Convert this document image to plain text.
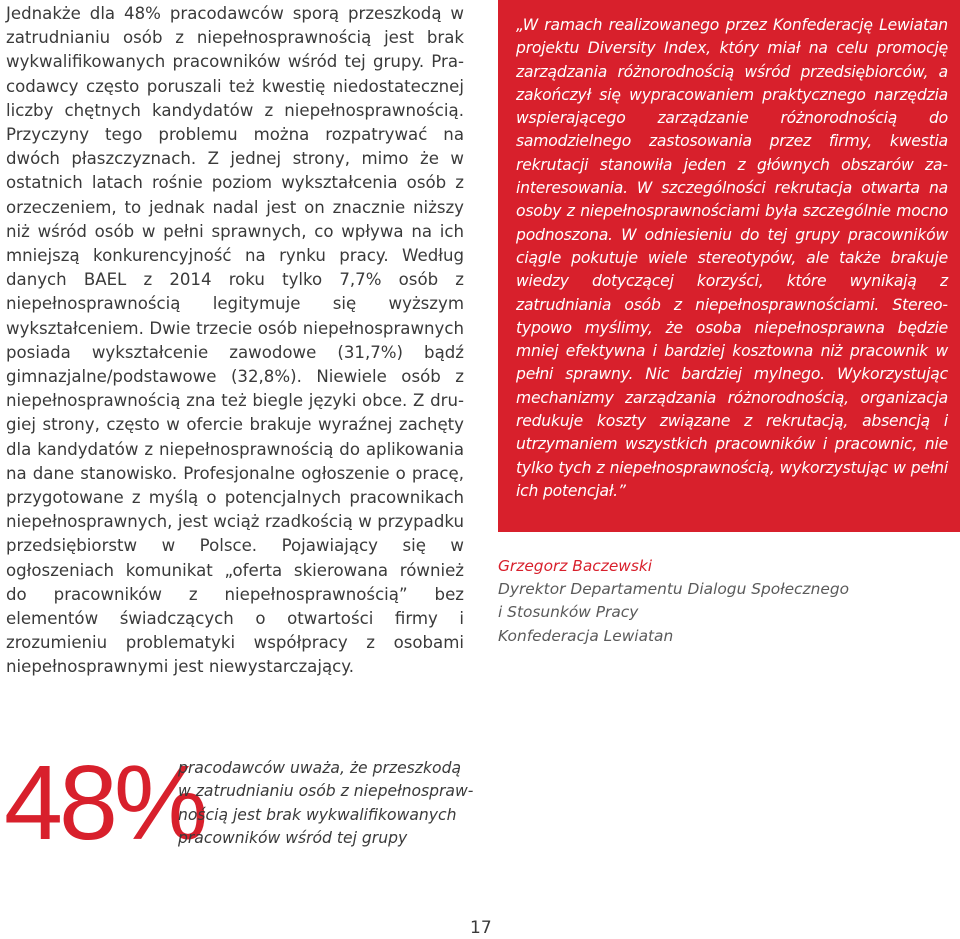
Jednakże dla 48% pracodawców sporą przeszkodą w zatrudnianiu osób z niepełnosprawnością jest brak wykwalifikowanych pracowników wśród tej grupy. Pracodawcy często poruszali też kwestię niedostatecznej liczby chętnych kandydatów z niepełnosprawnością. Przyczyny tego problemu można rozpatrywać na dwóch płaszczyznach. Z jednej strony, mimo że w ostatnich latach rośnie poziom wykształcenia osób z orzeczeniem, to jednak nadal jest on znacznie niższy niż wśród osób w pełni sprawnych, co wpływa na ich mniejszą konkurencyjność na rynku pracy. Według danych BAEL z 2014 roku tylko 7,7% osób z niepełnosprawnością legitymuje się wyższym wykształceniem. Dwie trzecie osób niepełnosprawnych posiada wykształcenie zawodowe (31,7%) bądź gimnazjalne/podstawowe (32,8%). Niewiele osób z niepełnosprawnością zna też biegle języki obce. Z drugiej strony, często w ofercie brakuje wyraźnej zachęty dla kandydatów z niepełnosprawnością do aplikowania na dane stanowisko. Profesjonalne ogłoszenie o pracę, przygotowane z myślą o potencjalnych pracownikach niepełnosprawnych, jest wciąż rzadkością w przypadku przedsiębiorstw w Polsce. Pojawiający się w ogłoszeniach komunikat „oferta skierowana również do pracowników z niepełnosprawnością” bez elementów świadczących o otwartości firmy i zrozumieniu problematyki współpracy z osobami niepełnosprawnymi jest niewystarczający.

„W ramach realizowanego przez Konfederację Lewiatan projektu Diversity Index, który miał na celu promocję zarządzania różnorodnością wśród przedsiębiorców, a zakończył się wypracowaniem praktycznego narzędzia wspierającego zarządzanie różnorodnością do samodzielnego zastosowania przez firmy, kwestia rekrutacji stanowiła jeden z głównych obszarów zainteresowania. W szczególności rekrutacja otwarta na osoby z niepełnosprawnościami była szczególnie mocno podnoszona. W odniesieniu do tej grupy pracowników ciągle pokutuje wiele stereotypów, ale także brakuje wiedzy dotyczącej korzyści, które wynikają z zatrudniania osób z niepełnosprawnościami. Stereotypowo myślimy, że osoba niepełnosprawna będzie mniej efektywna i bardziej kosztowna niż pracownik w pełni sprawny. Nic bardziej mylnego. Wykorzystując mechanizmy zarządzania różnorodnością, organizacja redukuje koszty związane z rekrutacją, absencją i utrzymaniem wszystkich pracowników i pracownic, nie tylko tych z niepełnosprawnością, wykorzystując w pełni ich potencjał.”

Grzegorz Baczewski
Dyrektor Departamentu Dialogu Społecznego
i Stosunków Pracy
Konfederacja Lewiatan
48%

pracodawców uważa, że przeszkodą w zatrudnianiu osób z niepełnosprawnością jest brak wykwalifikowanych pracowników wśród tej grupy

17
